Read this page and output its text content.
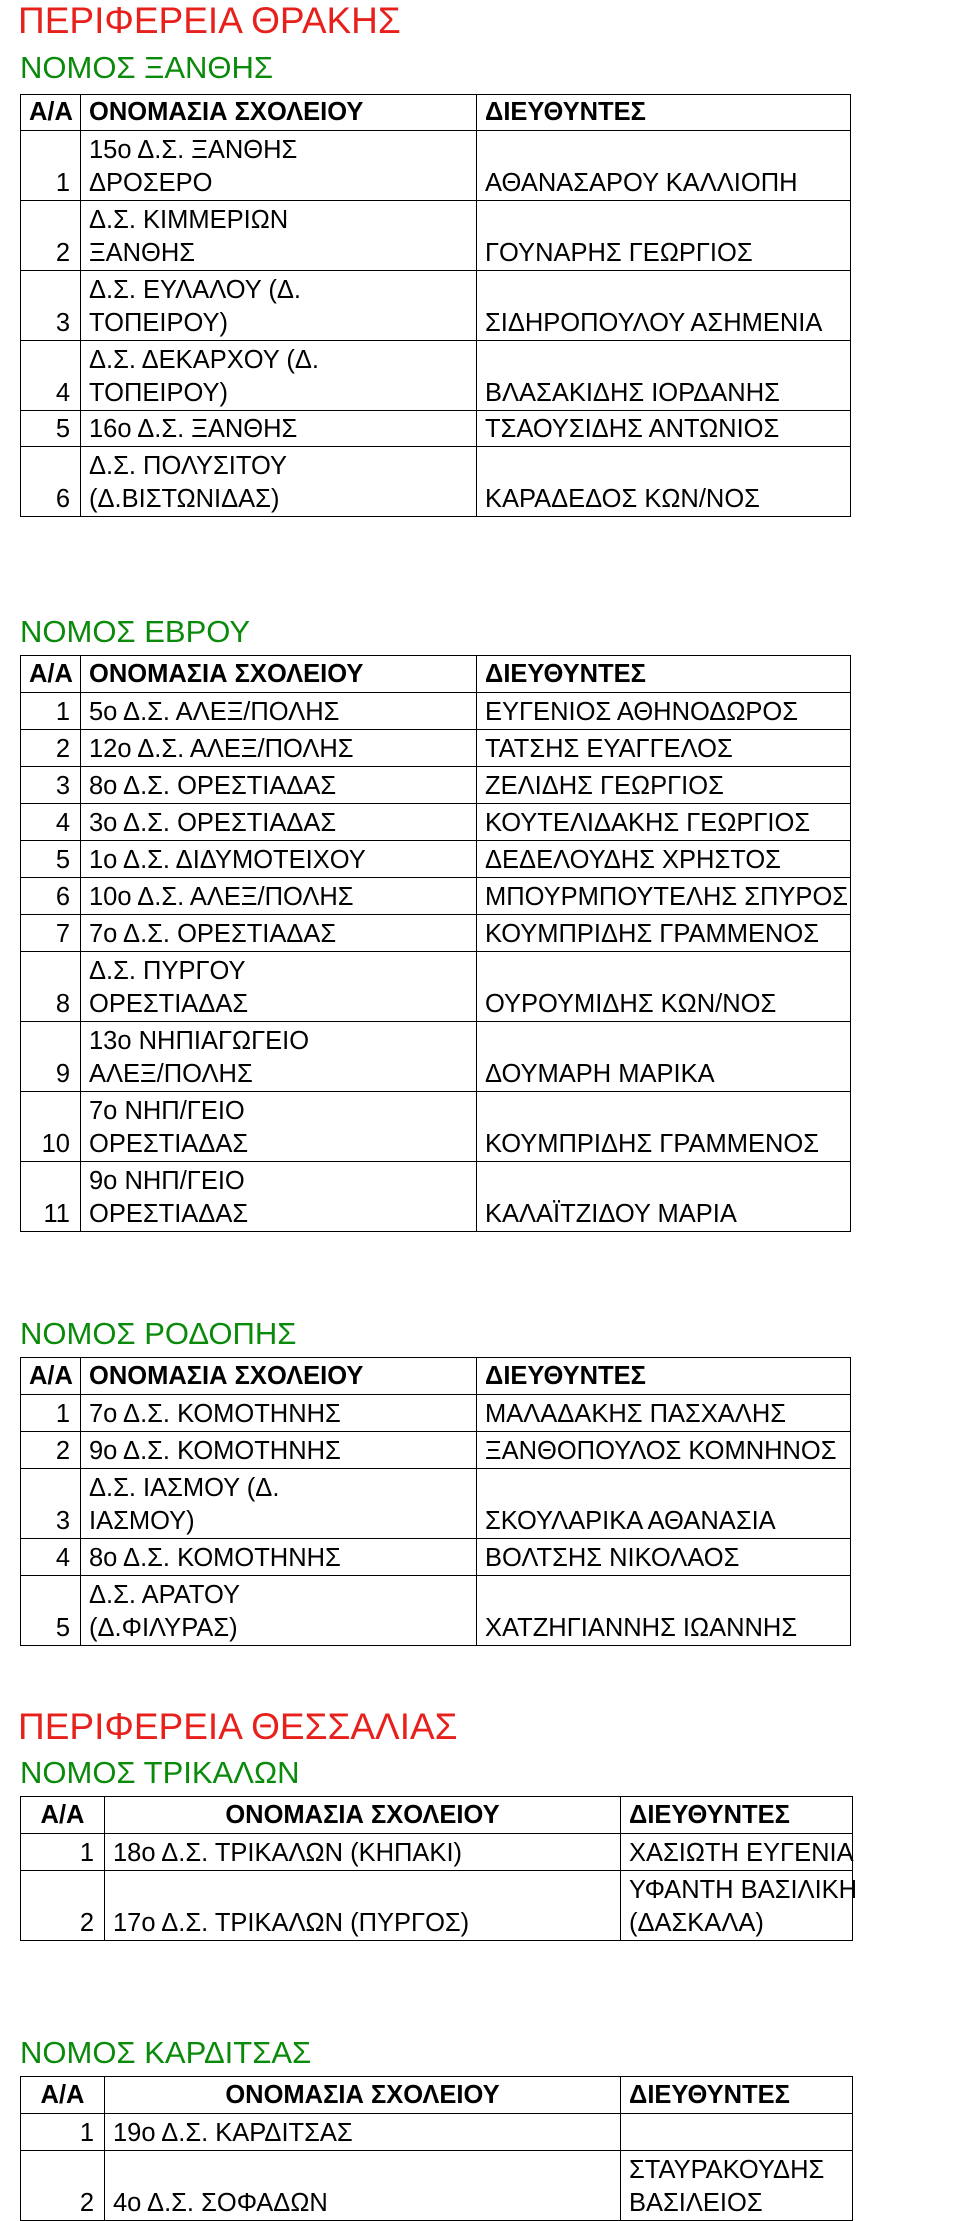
ΠΕΡΙΦΕΡΕΙΑ ΘΡΑΚΗΣ
ΝΟΜΟΣ ΞΑΝΘΗΣ
Α/Α	ΟΝΟΜΑΣΙΑ ΣΧΟΛΕΙΟΥ	ΔΙΕΥΘΥΝΤΕΣ
1	15ο Δ.Σ. ΞΑΝΘΗΣ
ΔΡΟΣΕΡΟ	ΑΘΑΝΑΣΑΡΟΥ ΚΑΛΛΙΟΠΗ

2	Δ.Σ. ΚΙΜΜΕΡΙΩΝ
ΞΑΝΘΗΣ	ΓΟΥΝΑΡΗΣ ΓΕΩΡΓΙΟΣ

3	Δ.Σ. ΕΥΛΑΛΟΥ (Δ.
ΤΟΠΕΙΡΟΥ)	ΣΙΔΗΡΟΠΟΥΛΟΥ ΑΣΗΜΕΝΙΑ

4	Δ.Σ. ΔΕΚΑΡΧΟΥ (Δ.
ΤΟΠΕΙΡΟΥ)	ΒΛΑΣΑΚΙΔΗΣ ΙΟΡΔΑΝΗΣ

5	16ο Δ.Σ. ΞΑΝΘΗΣ	ΤΣΑΟΥΣΙΔΗΣ ΑΝΤΩΝΙΟΣ

6	Δ.Σ. ΠΟΛΥΣΙΤΟΥ
(Δ.ΒΙΣΤΩΝΙΔΑΣ)	ΚΑΡΑΔΕΔΟΣ ΚΩΝ/ΝΟΣ
ΝΟΜΟΣ ΕΒΡΟΥ
Α/Α	ΟΝΟΜΑΣΙΑ ΣΧΟΛΕΙΟΥ	ΔΙΕΥΘΥΝΤΕΣ
1	5ο Δ.Σ. ΑΛΕΞ/ΠΟΛΗΣ	ΕΥΓΕΝΙΟΣ ΑΘΗΝΟΔΩΡΟΣ

2	12ο Δ.Σ. ΑΛΕΞ/ΠΟΛΗΣ	ΤΑΤΣΗΣ ΕΥΑΓΓΕΛΟΣ

3	8ο Δ.Σ. ΟΡΕΣΤΙΑΔΑΣ	ΖΕΛΙΔΗΣ ΓΕΩΡΓΙΟΣ

4	3ο Δ.Σ. ΟΡΕΣΤΙΑΔΑΣ	ΚΟΥΤΕΛΙΔΑΚΗΣ ΓΕΩΡΓΙΟΣ

5	1ο Δ.Σ. ΔΙΔΥΜΟΤΕΙΧΟΥ	ΔΕΔΕΛΟΥΔΗΣ ΧΡΗΣΤΟΣ

6	10ο Δ.Σ. ΑΛΕΞ/ΠΟΛΗΣ	ΜΠΟΥΡΜΠΟΥΤΕΛΗΣ ΣΠΥΡΟΣ

7	7ο Δ.Σ. ΟΡΕΣΤΙΑΔΑΣ	ΚΟΥΜΠΡΙΔΗΣ ΓΡΑΜΜΕΝΟΣ

8	Δ.Σ. ΠΥΡΓΟΥ
ΟΡΕΣΤΙΑΔΑΣ	ΟΥΡΟΥΜΙΔΗΣ ΚΩΝ/ΝΟΣ

9	13ο ΝΗΠΙΑΓΩΓΕΙΟ
ΑΛΕΞ/ΠΟΛΗΣ	ΔΟΥΜΑΡΗ ΜΑΡΙΚΑ

10	7ο ΝΗΠ/ΓΕΙΟ
ΟΡΕΣΤΙΑΔΑΣ	ΚΟΥΜΠΡΙΔΗΣ ΓΡΑΜΜΕΝΟΣ

11	9ο ΝΗΠ/ΓΕΙΟ
ΟΡΕΣΤΙΑΔΑΣ	ΚΑΛΑΪΤΖΙΔΟΥ ΜΑΡΙΑ
ΝΟΜΟΣ ΡΟΔΟΠΗΣ
Α/Α	ΟΝΟΜΑΣΙΑ ΣΧΟΛΕΙΟΥ	ΔΙΕΥΘΥΝΤΕΣ
1	7ο Δ.Σ. ΚΟΜΟΤΗΝΗΣ	ΜΑΛΑΔΑΚΗΣ ΠΑΣΧΑΛΗΣ

2	9ο Δ.Σ. ΚΟΜΟΤΗΝΗΣ	ΞΑΝΘΟΠΟΥΛΟΣ ΚΟΜΝΗΝΟΣ

3	Δ.Σ. ΙΑΣΜΟΥ (Δ.
ΙΑΣΜΟΥ)	ΣΚΟΥΛΑΡΙΚΑ ΑΘΑΝΑΣΙΑ

4	8ο Δ.Σ. ΚΟΜΟΤΗΝΗΣ	ΒΟΛΤΣΗΣ ΝΙΚΟΛΑΟΣ

5	Δ.Σ. ΑΡΑΤΟΥ
(Δ.ΦΙΛΥΡΑΣ)	ΧΑΤΖΗΓΙΑΝΝΗΣ ΙΩΑΝΝΗΣ
ΠΕΡΙΦΕΡΕΙΑ ΘΕΣΣΑΛΙΑΣ
ΝΟΜΟΣ ΤΡΙΚΑΛΩΝ
Α/Α	ΟΝΟΜΑΣΙΑ ΣΧΟΛΕΙΟΥ	ΔΙΕΥΘΥΝΤΕΣ
1	18ο Δ.Σ. ΤΡΙΚΑΛΩΝ (ΚΗΠΑΚΙ)	ΧΑΣΙΩΤΗ ΕΥΓΕΝΙΑ

2	17ο Δ.Σ. ΤΡΙΚΑΛΩΝ (ΠΥΡΓΟΣ)	ΥΦΑΝΤΗ ΒΑΣΙΛΙΚΗ
(ΔΑΣΚΑΛΑ)
ΝΟΜΟΣ ΚΑΡΔΙΤΣΑΣ
Α/Α	ΟΝΟΜΑΣΙΑ ΣΧΟΛΕΙΟΥ	ΔΙΕΥΘΥΝΤΕΣ
1	19ο Δ.Σ. ΚΑΡΔΙΤΣΑΣ	

2	4ο Δ.Σ. ΣΟΦΑΔΩΝ	ΣΤΑΥΡΑΚΟΥΔΗΣ
ΒΑΣΙΛΕΙΟΣ
